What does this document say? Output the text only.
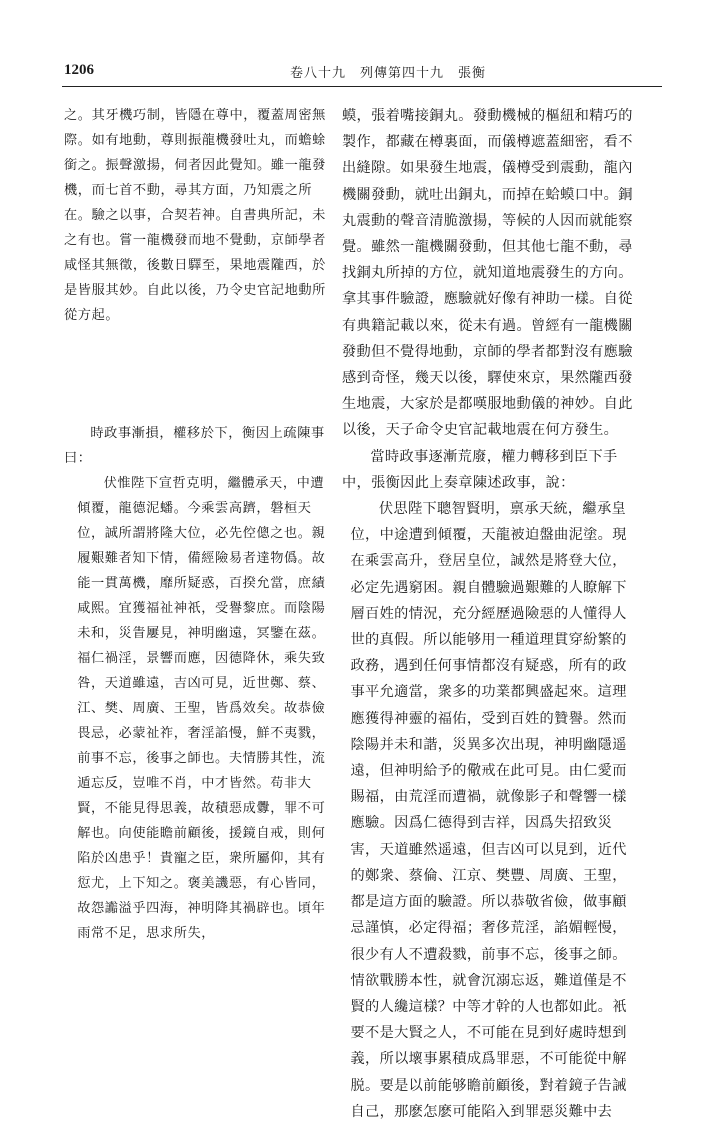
1206	卷八十九　列傳第四十九　張衡

之。其牙機巧制，皆隱在尊中，覆蓋周密無際。如有地動，尊則振龍機發吐丸，而蟾蜍銜之。振聲激揚，伺者因此覺知。雖一龍發機，而七首不動，尋其方面，乃知震之所在。驗之以事，合契若神。自書典所記，未之有也。嘗一龍機發而地不覺動，京師學者咸怪其無徵，後數日驛至，果地震隴西，於是皆服其妙。自此以後，乃令史官記地動所從方起。

時政事漸損，權移於下，衡因上疏陳事曰：

伏惟陛下宣哲克明，繼體承天，中遭傾覆，龍德泥蟠。今乘雲高躋，磐桓天位，誠所謂將隆大位，必先倥傯之也。親履艱難者知下情，備經險易者達物僞。故能一貫萬機，靡所疑惑，百揆允當，庶績咸熙。宜獲福祉神祇，受譽黎庶。而陰陽未和，災眚屢見，神明幽遠，冥鑒在茲。福仁禍淫，景響而應，因德降休，乘失致咎，天道雖遠，吉凶可見，近世鄭、蔡、江、樊、周廣、王聖，皆爲效矣。故恭儉畏忌，必蒙祉祚，奢淫諂慢，鮮不夷戮，前事不忘，後事之師也。夫情勝其性，流遁忘反，豈唯不肖，中才皆然。苟非大賢，不能見得思義，故積惡成釁，罪不可解也。向使能瞻前顧後，援鏡自戒，則何陷於凶患乎！貴寵之臣，衆所屬仰，其有愆尤，上下知之。褒美譏惡，有心皆同，故怨讟溢乎四海，神明降其禍辟也。頃年雨常不足，思求所失，

蟆，張着嘴接銅丸。發動機械的樞紐和精巧的製作，都藏在樽裏面，而儀樽遮蓋細密，看不出縫隙。如果發生地震，儀樽受到震動，龍內機關發動，就吐出銅丸，而掉在蛤蟆口中。銅丸震動的聲音清脆激揚，等候的人因而就能察覺。雖然一龍機關發動，但其他七龍不動，尋找銅丸所掉的方位，就知道地震發生的方向。拿其事件驗證，應驗就好像有神助一樣。自從有典籍記載以來，從未有過。曾經有一龍機關發動但不覺得地動，京師的學者都對沒有應驗感到奇怪，幾天以後，驛使來京，果然隴西發生地震，大家於是都嘆服地動儀的神妙。自此以後，天子命令史官記載地震在何方發生。

當時政事逐漸荒廢，權力轉移到臣下手中，張衡因此上奏章陳述政事，說：

伏思陛下聰智賢明，禀承天統，繼承皇位，中途遭到傾覆，天龍被迫盤曲泥塗。現在乘雲高升，登居皇位，誠然是將登大位，必定先遇窮困。親自體驗過艱難的人瞭解下層百姓的情況，充分經歷過險惡的人懂得人世的真假。所以能够用一種道理貫穿紛繁的政務，遇到任何事情都沒有疑惑，所有的政事平允適當，衆多的功業都興盛起來。這理應獲得神靈的福佑，受到百姓的贊譽。然而陰陽并未和諧，災異多次出現，神明幽隱遥遠，但神明給予的儆戒在此可見。由仁愛而賜福，由荒淫而遭禍，就像影子和聲響一樣應驗。因爲仁德得到吉祥，因爲失招致災害，天道雖然遥遠，但吉凶可以見到，近代的鄭衆、蔡倫、江京、樊豐、周廣、王聖，都是這方面的驗證。所以恭敬省儉，做事顧忌謹慎，必定得福；奢侈荒淫，諂媚輕慢，很少有人不遭殺戮，前事不忘，後事之師。情欲戰勝本性，就會沉溺忘返，難道僅是不賢的人纔這樣？中等才幹的人也都如此。衹要不是大賢之人，不可能在見到好處時想到義，所以壞事累積成爲罪惡，不可能從中解脱。要是以前能够瞻前顧後，對着鏡子告誡自己，那麽怎麽可能陷入到罪惡災難中去
